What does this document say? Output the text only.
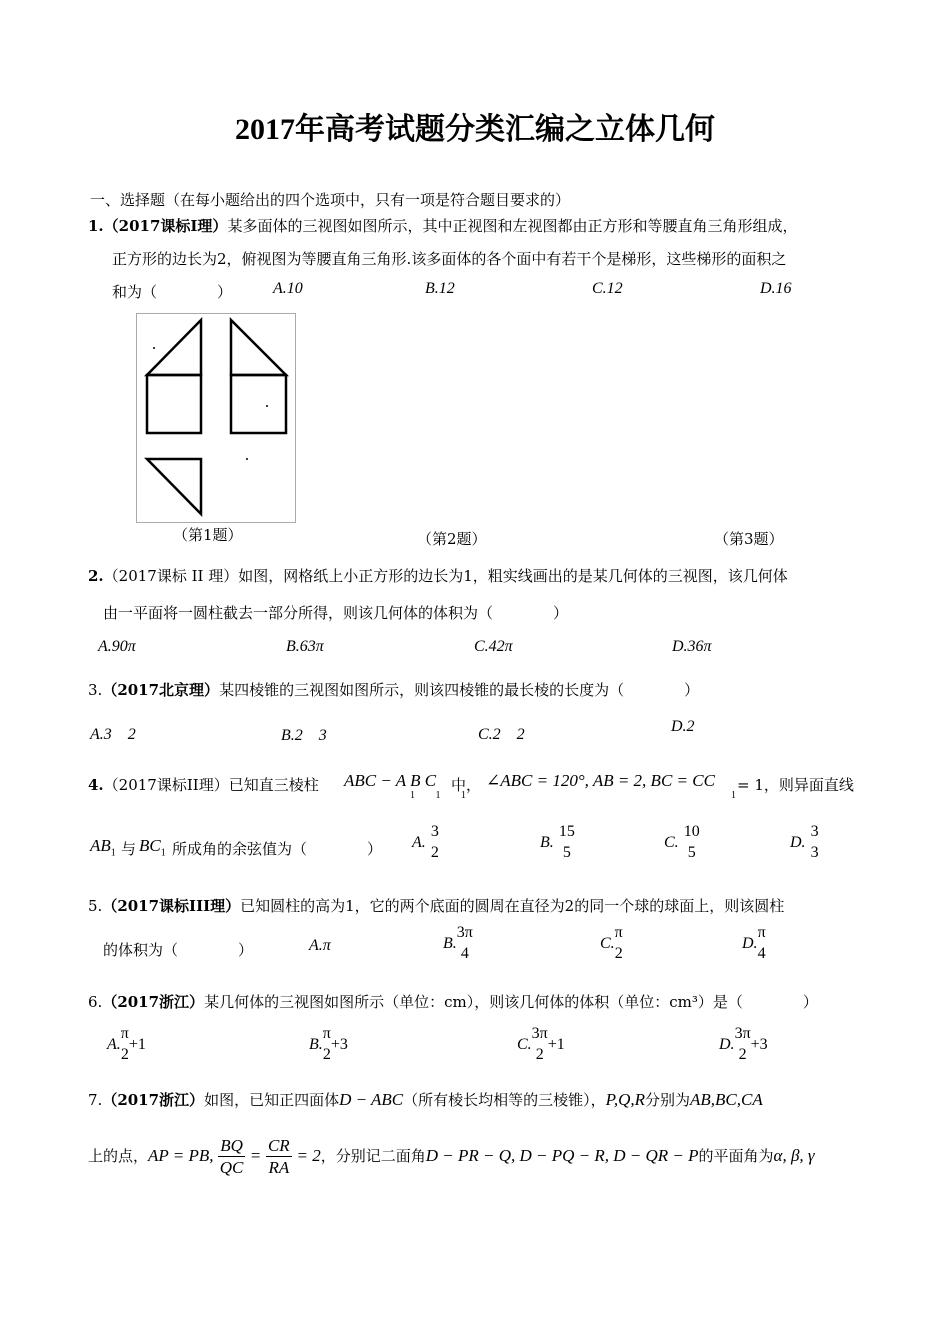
2017年高考试题分类汇编之立体几何
一、选择题（在每小题给出的四个选项中，只有一项是符合题目要求的）
1.（2017课标I理）某多面体的三视图如图所示，其中正视图和左视图都由正方形和等腰直角三角形组成，
正方形的边长为2，俯视图为等腰直角三角形.该多面体的各个面中有若干个是梯形，这些梯形的面积之
和为（　　　　）	A.10	B.12	C.12	D.16
（第1题）	（第2题）	（第3题）
2.（2017课标 II 理）如图，网格纸上小正方形的边长为1，粗实线画出的是某几何体的三视图，该几何体
由一平面将一圆柱截去一部分所得，则该几何体的体积为（　　　　）
A.90π	B.63π	C.42π	D.36π
3.（2017北京理）某四棱锥的三视图如图所示，则该四棱锥的最长棱的长度为（　　　　）
A.3　2	B.2　3	C.2　2	D.2
4.（2017课标II理）已知直三棱柱 ABC − A B C
1 1 1
中， ∠ABC = 120°, AB = 2, BC = CC
1
= 1，则异面直线
$AB_1$ 与 $BC_1$ 所成角的余弦值为（　　　　） A.
3
2
B.
15
5
C.
10
5
D.
3
3
5.（2017课标III理）已知圆柱的高为1，它的两个底面的圆周在直径为2的同一个球的球面上，则该圆柱
的体积为（　　　　）	A.π	B.
3π
4
C.
π
2
D.
π
4
6.（2017浙江）某几何体的三视图如图所示（单位：cm），则该几何体的体积（单位：cm³）是（　　　　）
A.
π
2
+1	B.
π
2
+3	C.
3π
2
+1	D.
3π
2
+3
7.（2017浙江）如图，已知正四面体D − ABC（所有棱长均相等的三棱锥），P,Q,R分别为AB,BC,CA
上的点，AP = PB, $\frac{BQ}{QC} = \frac{CR}{RA} = 2$，分别记二面角D − PR − Q, D − PQ − R, D − QR − P的平面角为α, β, γ
